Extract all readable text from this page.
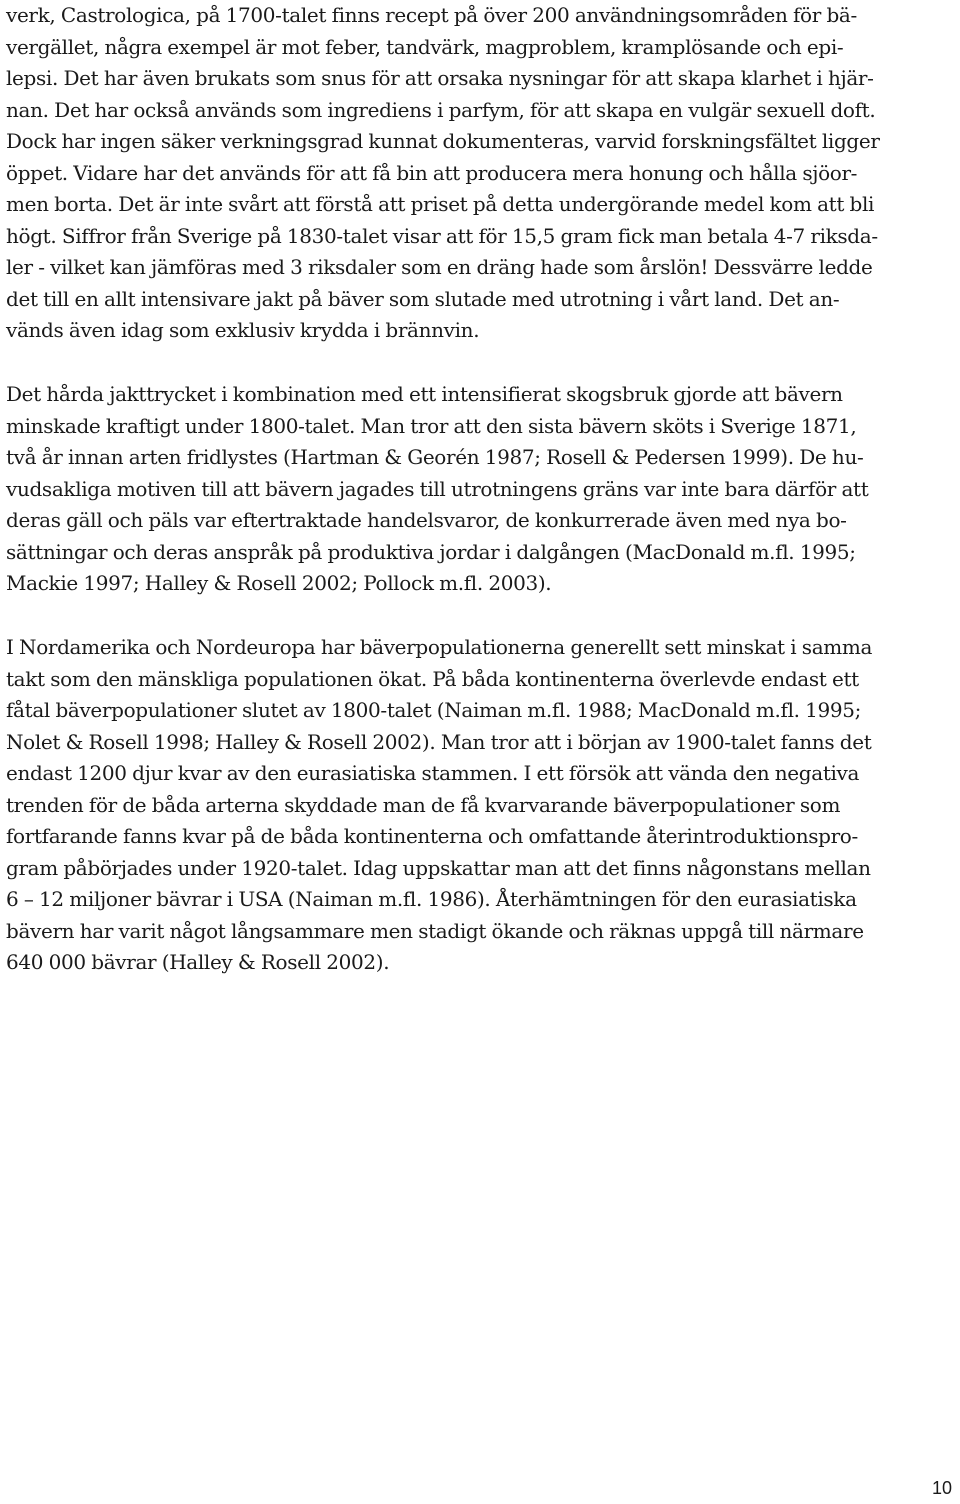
verk, Castrologica, på 1700-talet finns recept på över 200 användningsområden för bä-
vergället, några exempel är mot feber, tandvärk, magproblem, kramplösande och epi-
lepsi. Det har även brukats som snus för att orsaka nysningar för att skapa klarhet i hjär-
nan. Det har också används som ingrediens i parfym, för att skapa en vulgär sexuell doft.
Dock har ingen säker verkningsgrad kunnat dokumenteras, varvid forskningsfältet ligger
öppet. Vidare har det används för att få bin att producera mera honung och hålla sjöor-
men borta. Det är inte svårt att förstå att priset på detta undergörande medel kom att bli
högt. Siffror från Sverige på 1830-talet visar att för 15,5 gram fick man betala 4-7 riksda-
ler - vilket kan jämföras med 3 riksdaler som en dräng hade som årslön! Dessvärre ledde
det till en allt intensivare jakt på bäver som slutade med utrotning i vårt land. Det an-
vänds även idag som exklusiv krydda i brännvin.
Det hårda jakttrycket i kombination med ett intensifierat skogsbruk gjorde att bävern
minskade kraftigt under 1800-talet. Man tror att den sista bävern sköts i Sverige 1871,
två år innan arten fridlystes (Hartman & Georén 1987; Rosell & Pedersen 1999). De hu-
vudsakliga motiven till att bävern jagades till utrotningens gräns var inte bara därför att
deras gäll och päls var eftertraktade handelsvaror, de konkurrerade även med nya bo-
sättningar och deras anspråk på produktiva jordar i dalgången (MacDonald m.fl. 1995;
Mackie 1997; Halley & Rosell 2002; Pollock m.fl. 2003).
I Nordamerika och Nordeuropa har bäverpopulationerna generellt sett minskat i samma
takt som den mänskliga populationen ökat. På båda kontinenterna överlevde endast ett
fåtal bäverpopulationer slutet av 1800-talet (Naiman m.fl. 1988; MacDonald m.fl. 1995;
Nolet & Rosell 1998; Halley & Rosell 2002). Man tror att i början av 1900-talet fanns det
endast 1200 djur kvar av den eurasiatiska stammen. I ett försök att vända den negativa
trenden för de båda arterna skyddade man de få kvarvarande bäverpopulationer som
fortfarande fanns kvar på de båda kontinenterna och omfattande återintroduktionspro-
gram påbörjades under 1920-talet. Idag uppskattar man att det finns någonstans mellan
6 – 12 miljoner bävrar i USA (Naiman m.fl. 1986). Återhämtningen för den eurasiatiska
bävern har varit något långsammare men stadigt ökande och räknas uppgå till närmare
640 000 bävrar (Halley & Rosell 2002).
10
